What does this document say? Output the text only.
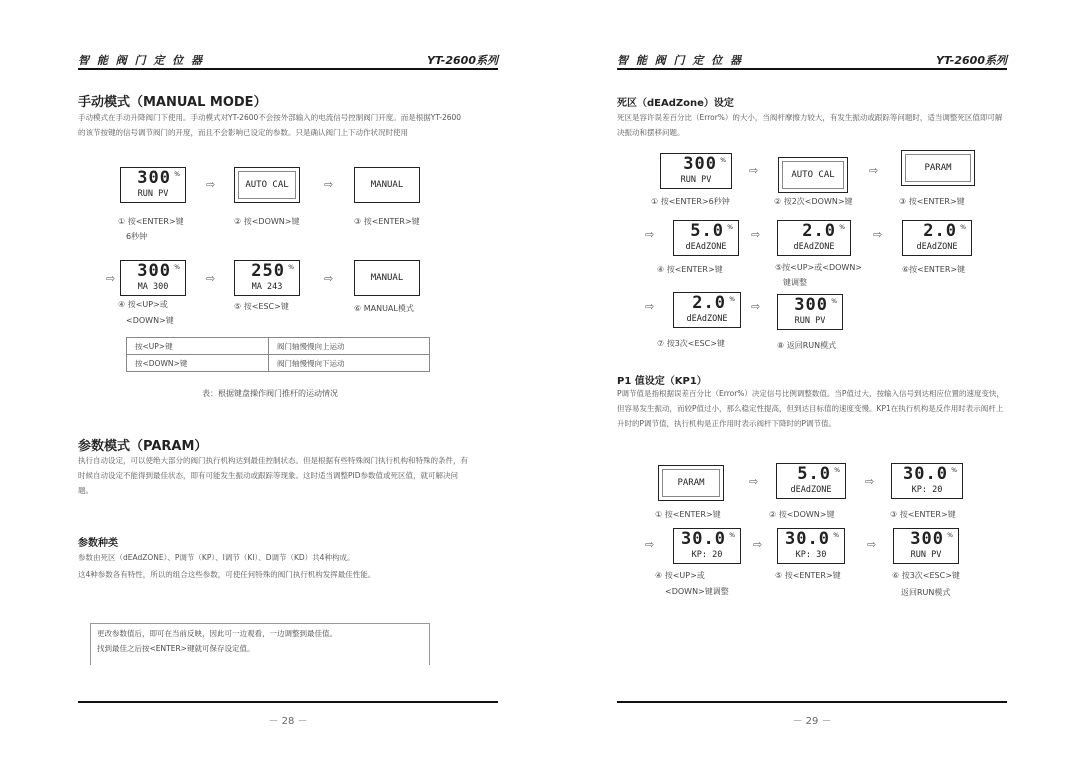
智 能 阀 门 定 位 器	YT-2600系列
手动模式（MANUAL MODE）

手动模式在手动升降阀门下使用。手动模式对YT-2600不会按外部输入的电流信号控制阀门开度。而是根据YT-2600的该节按键的信号调节阀门的开度，而且不会影响已设定的参数。只是确认阀门上下动作状况时使用

300 %
RUN PV
⇨	AUTO CAL	⇨	MANUAL
① 按<ENTER>键
6秒钟
② 按<DOWN>键	③ 按<ENTER>键
⇨	300 %
MA 300
⇨	250 %
MA 243
⇨	MANUAL
④ 按<UP>或
<DOWN>键
⑤ 按<ESC>键	⑥ MANUAL模式
按<UP>键	阀门轴慢慢向上运动
按<DOWN>键	阀门轴慢慢向下运动
表：根据键盘操作阀门推杆的运动情况
参数模式（PARAM）

执行自动设定，可以使绝大部分的阀门执行机构达到最佳控制状态。但是根据有些特殊阀门执行机构和特殊的条件，有时候自动设定不能得到最佳状态，即有可能发生振动或跟踪等现象。这时适当调整PID参数值或死区值，就可解决问题。

参数种类

参数由死区（dEAdZONE）、P调节（KP）、I调节（KI）、D调节（KD）共4种构成。

这4种参数各有特性，所以的组合这些参数，可使任何特殊的阀门执行机构发挥最佳性能。

更改参数值后，即可在当前反映，因此可一边观看，一边调整到最佳值。
找到最佳之后按<ENTER>键就可保存设定值。
－ 28 －
智 能 阀 门 定 位 器	YT-2600系列
死区（dEAdZone）设定

死区是容许误差百分比（Error%）的大小，当阀杆摩擦力较大，有发生振动或跟踪等问题时，适当调整死区值即可解决振动和摆移问题。

300 %
RUN PV
⇨	AUTO CAL	⇨	PARAM
① 按<ENTER>6秒钟	② 按2次<DOWN>键	③ 按<ENTER>键
⇨	5.0 %
dEAdZONE
⇨	2.0 %
dEAdZONE
⇨	2.0 %
dEAdZONE
④ 按<ENTER>键	⑤按<UP>或<DOWN>
键调整
⑥按<ENTER>键
⇨	2.0 %
dEAdZONE
⇨	300 %
RUN PV
⑦ 按3次<ESC>键	⑧ 返回RUN模式
P1 值设定（KP1）

P调节值是指根据误差百分比（Error%）决定信号比例调整数值。当P值过大，按输入信号到达相应位置的速度变快，但容易发生振动，而较P值过小，那么稳定性提高，但到达目标值的速度变慢。KP1在执行机构是反作用时表示阀杆上升时的P调节值，执行机构是正作用时表示阀杆下降时的P调节值。

PARAM	⇨	5.0 %
dEAdZONE
⇨	30.0 %
KP: 20
① 按<ENTER>键	② 按<DOWN>键	③ 按<ENTER>键
⇨	30.0 %
KP: 20
⇨	30.0 %
KP: 30
⇨	300 %
RUN PV
④ 按<UP>或
<DOWN>键调整
⑤ 按<ENTER>键	⑥ 按3次<ESC>键
返回RUN模式
－ 29 －
